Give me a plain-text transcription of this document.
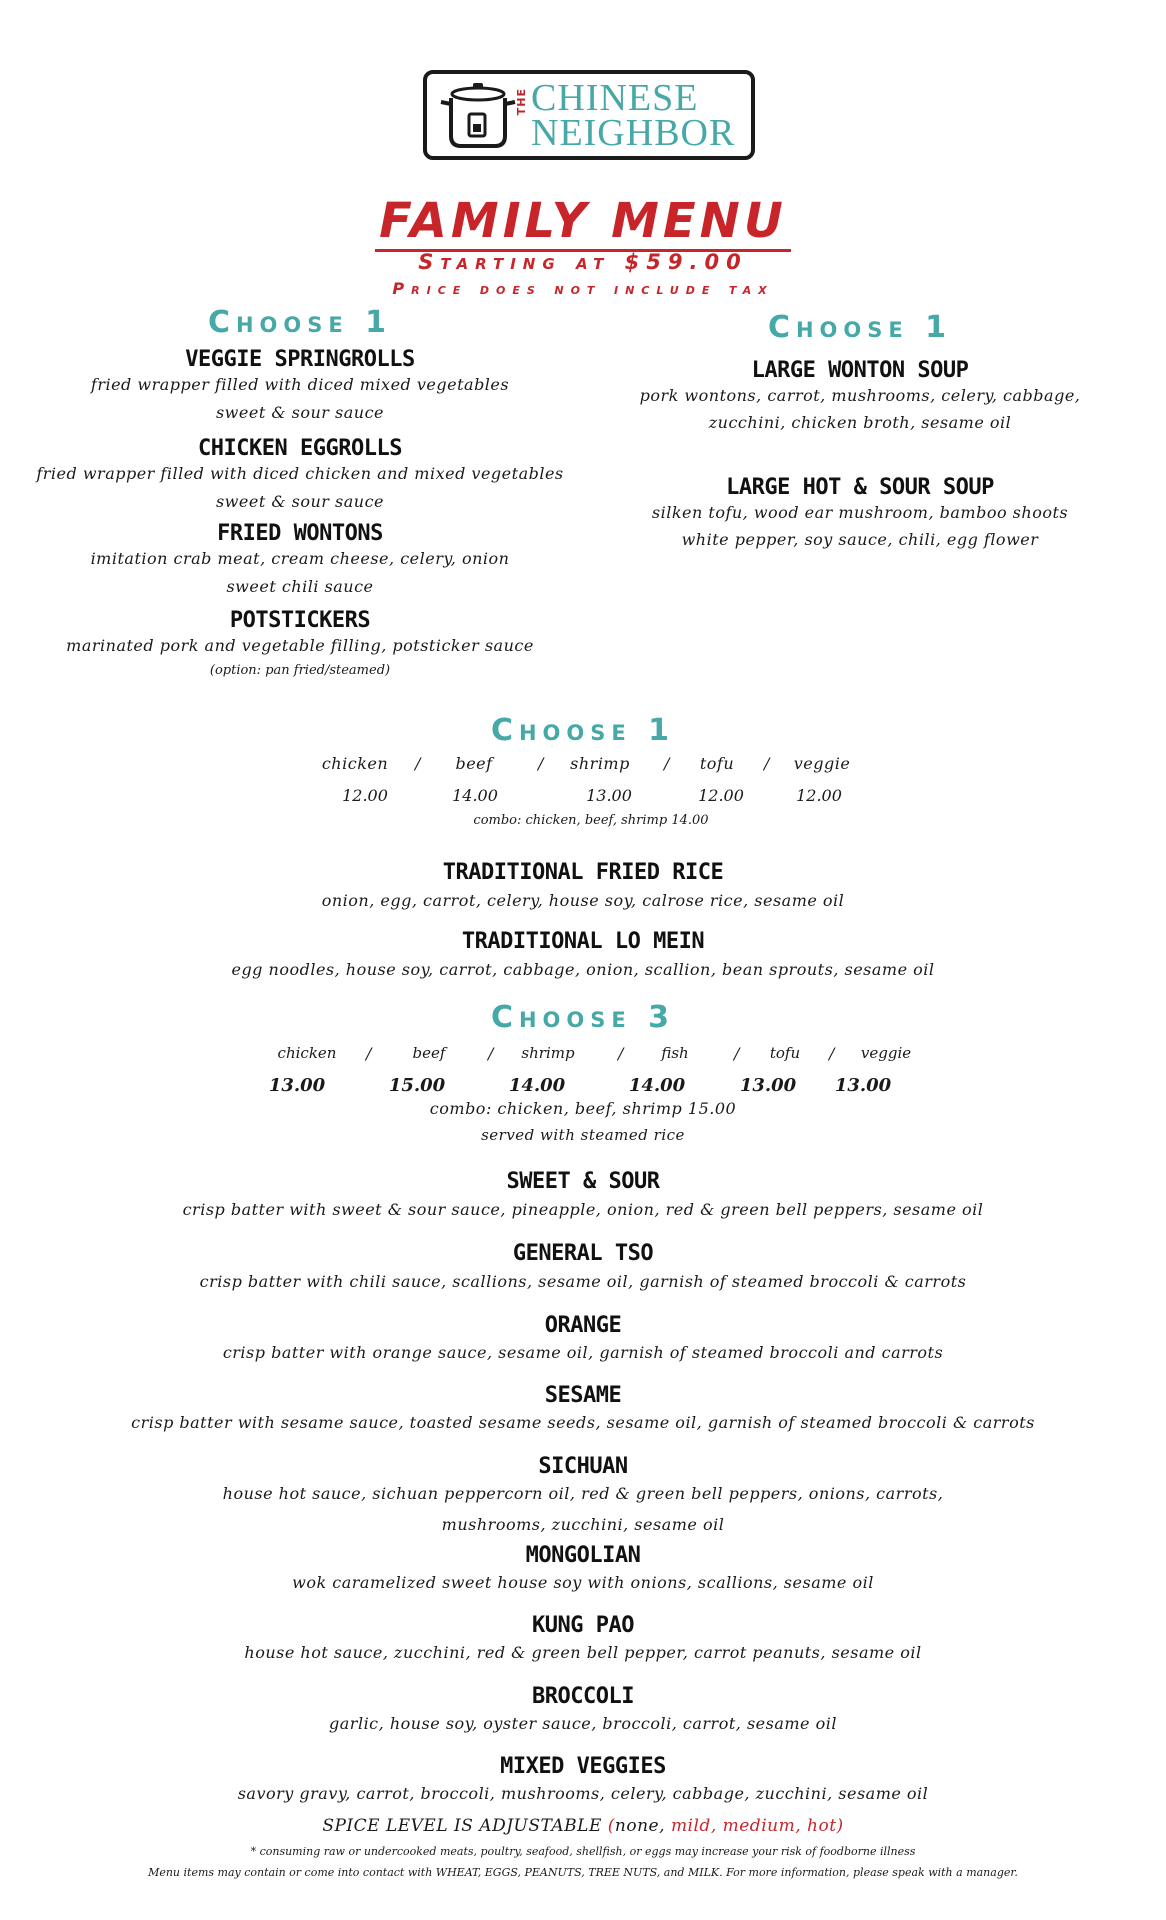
THE CHINESE
NEIGHBOR
FAMILY MENU
Starting at $59.00
Price does not include tax
Choose 1
VEGGIE SPRINGROLLS
fried wrapper filled with diced mixed vegetables
sweet & sour sauce
CHICKEN EGGROLLS
fried wrapper filled with diced chicken and mixed vegetables
sweet & sour sauce
FRIED WONTONS
imitation crab meat, cream cheese, celery, onion
sweet chili sauce
POTSTICKERS
marinated pork and vegetable filling, potsticker sauce
(option: pan fried/steamed)
Choose 1
LARGE WONTON SOUP
pork wontons, carrot, mushrooms, celery, cabbage,
zucchini, chicken broth, sesame oil
LARGE HOT & SOUR SOUP
silken tofu, wood ear mushroom, bamboo shoots
white pepper, soy sauce, chili, egg flower
Choose 1
chicken / beef	/ shrimp / tofu / veggie
12.00	14.00	13.00	12.00	12.00
combo: chicken, beef, shrimp 14.00
TRADITIONAL FRIED RICE
onion, egg, carrot, celery, house soy, calrose rice, sesame oil
TRADITIONAL LO MEIN
egg noodles, house soy, carrot, cabbage, onion, scallion, bean sprouts, sesame oil
Choose 3
chicken /	beef	/ shrimp	/	fish	/ tofu / veggie
13.00	15.00	14.00	14.00	13.00 13.00
combo: chicken, beef, shrimp 15.00
served with steamed rice
SWEET & SOUR
crisp batter with sweet & sour sauce, pineapple, onion, red & green bell peppers, sesame oil
GENERAL TSO
crisp batter with chili sauce, scallions, sesame oil, garnish of steamed broccoli & carrots
ORANGE
crisp batter with orange sauce, sesame oil, garnish of steamed broccoli and carrots
SESAME
crisp batter with sesame sauce, toasted sesame seeds, sesame oil, garnish of steamed broccoli & carrots
SICHUAN
house hot sauce, sichuan peppercorn oil, red & green bell peppers, onions, carrots,
mushrooms, zucchini, sesame oil
MONGOLIAN
wok caramelized sweet house soy with onions, scallions, sesame oil
KUNG PAO
house hot sauce, zucchini, red & green bell pepper, carrot peanuts, sesame oil
BROCCOLI
garlic, house soy, oyster sauce, broccoli, carrot, sesame oil
MIXED VEGGIES
savory gravy, carrot, broccoli, mushrooms, celery, cabbage, zucchini, sesame oil
SPICE LEVEL IS ADJUSTABLE (none, mild, medium, hot)
* consuming raw or undercooked meats, poultry, seafood, shellfish, or eggs may increase your risk of foodborne illness
Menu items may contain or come into contact with WHEAT, EGGS, PEANUTS, TREE NUTS, and MILK. For more information, please speak with a manager.
